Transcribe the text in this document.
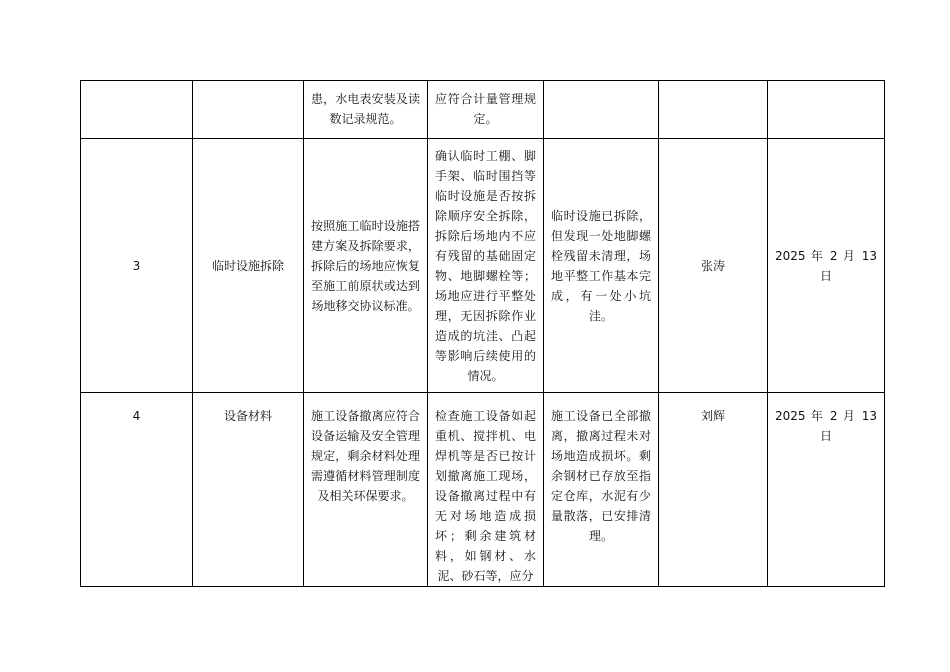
		患，水电表安装及读数记录规范。	应符合计量管理规定。			

3	临时设施拆除	按照施工临时设施搭建方案及拆除要求，拆除后的场地应恢复至施工前原状或达到场地移交协议标准。	确认临时工棚、脚手架、临时围挡等临时设施是否按拆除顺序安全拆除，拆除后场地内不应有残留的基础固定物、地脚螺栓等；场地应进行平整处理，无因拆除作业造成的坑洼、凸起等影响后续使用的情况。	临时设施已拆除，但发现一处地脚螺栓残留未清理，场地平整工作基本完成，有一处小坑洼。	张涛	2025 年 2 月 13 日

4	设备材料	施工设备撤离应符合设备运输及安全管理规定，剩余材料处理需遵循材料管理制度及相关环保要求。	检查施工设备如起重机、搅拌机、电焊机等是否已按计划撤离施工现场，设备撤离过程中有无对场地造成损坏；剩余建筑材料，如钢材、水泥、砂石等，应分	施工设备已全部撤离，撤离过程未对场地造成损坏。剩余钢材已存放至指定仓库，水泥有少量散落，已安排清理。	刘辉	2025 年 2 月 13 日
